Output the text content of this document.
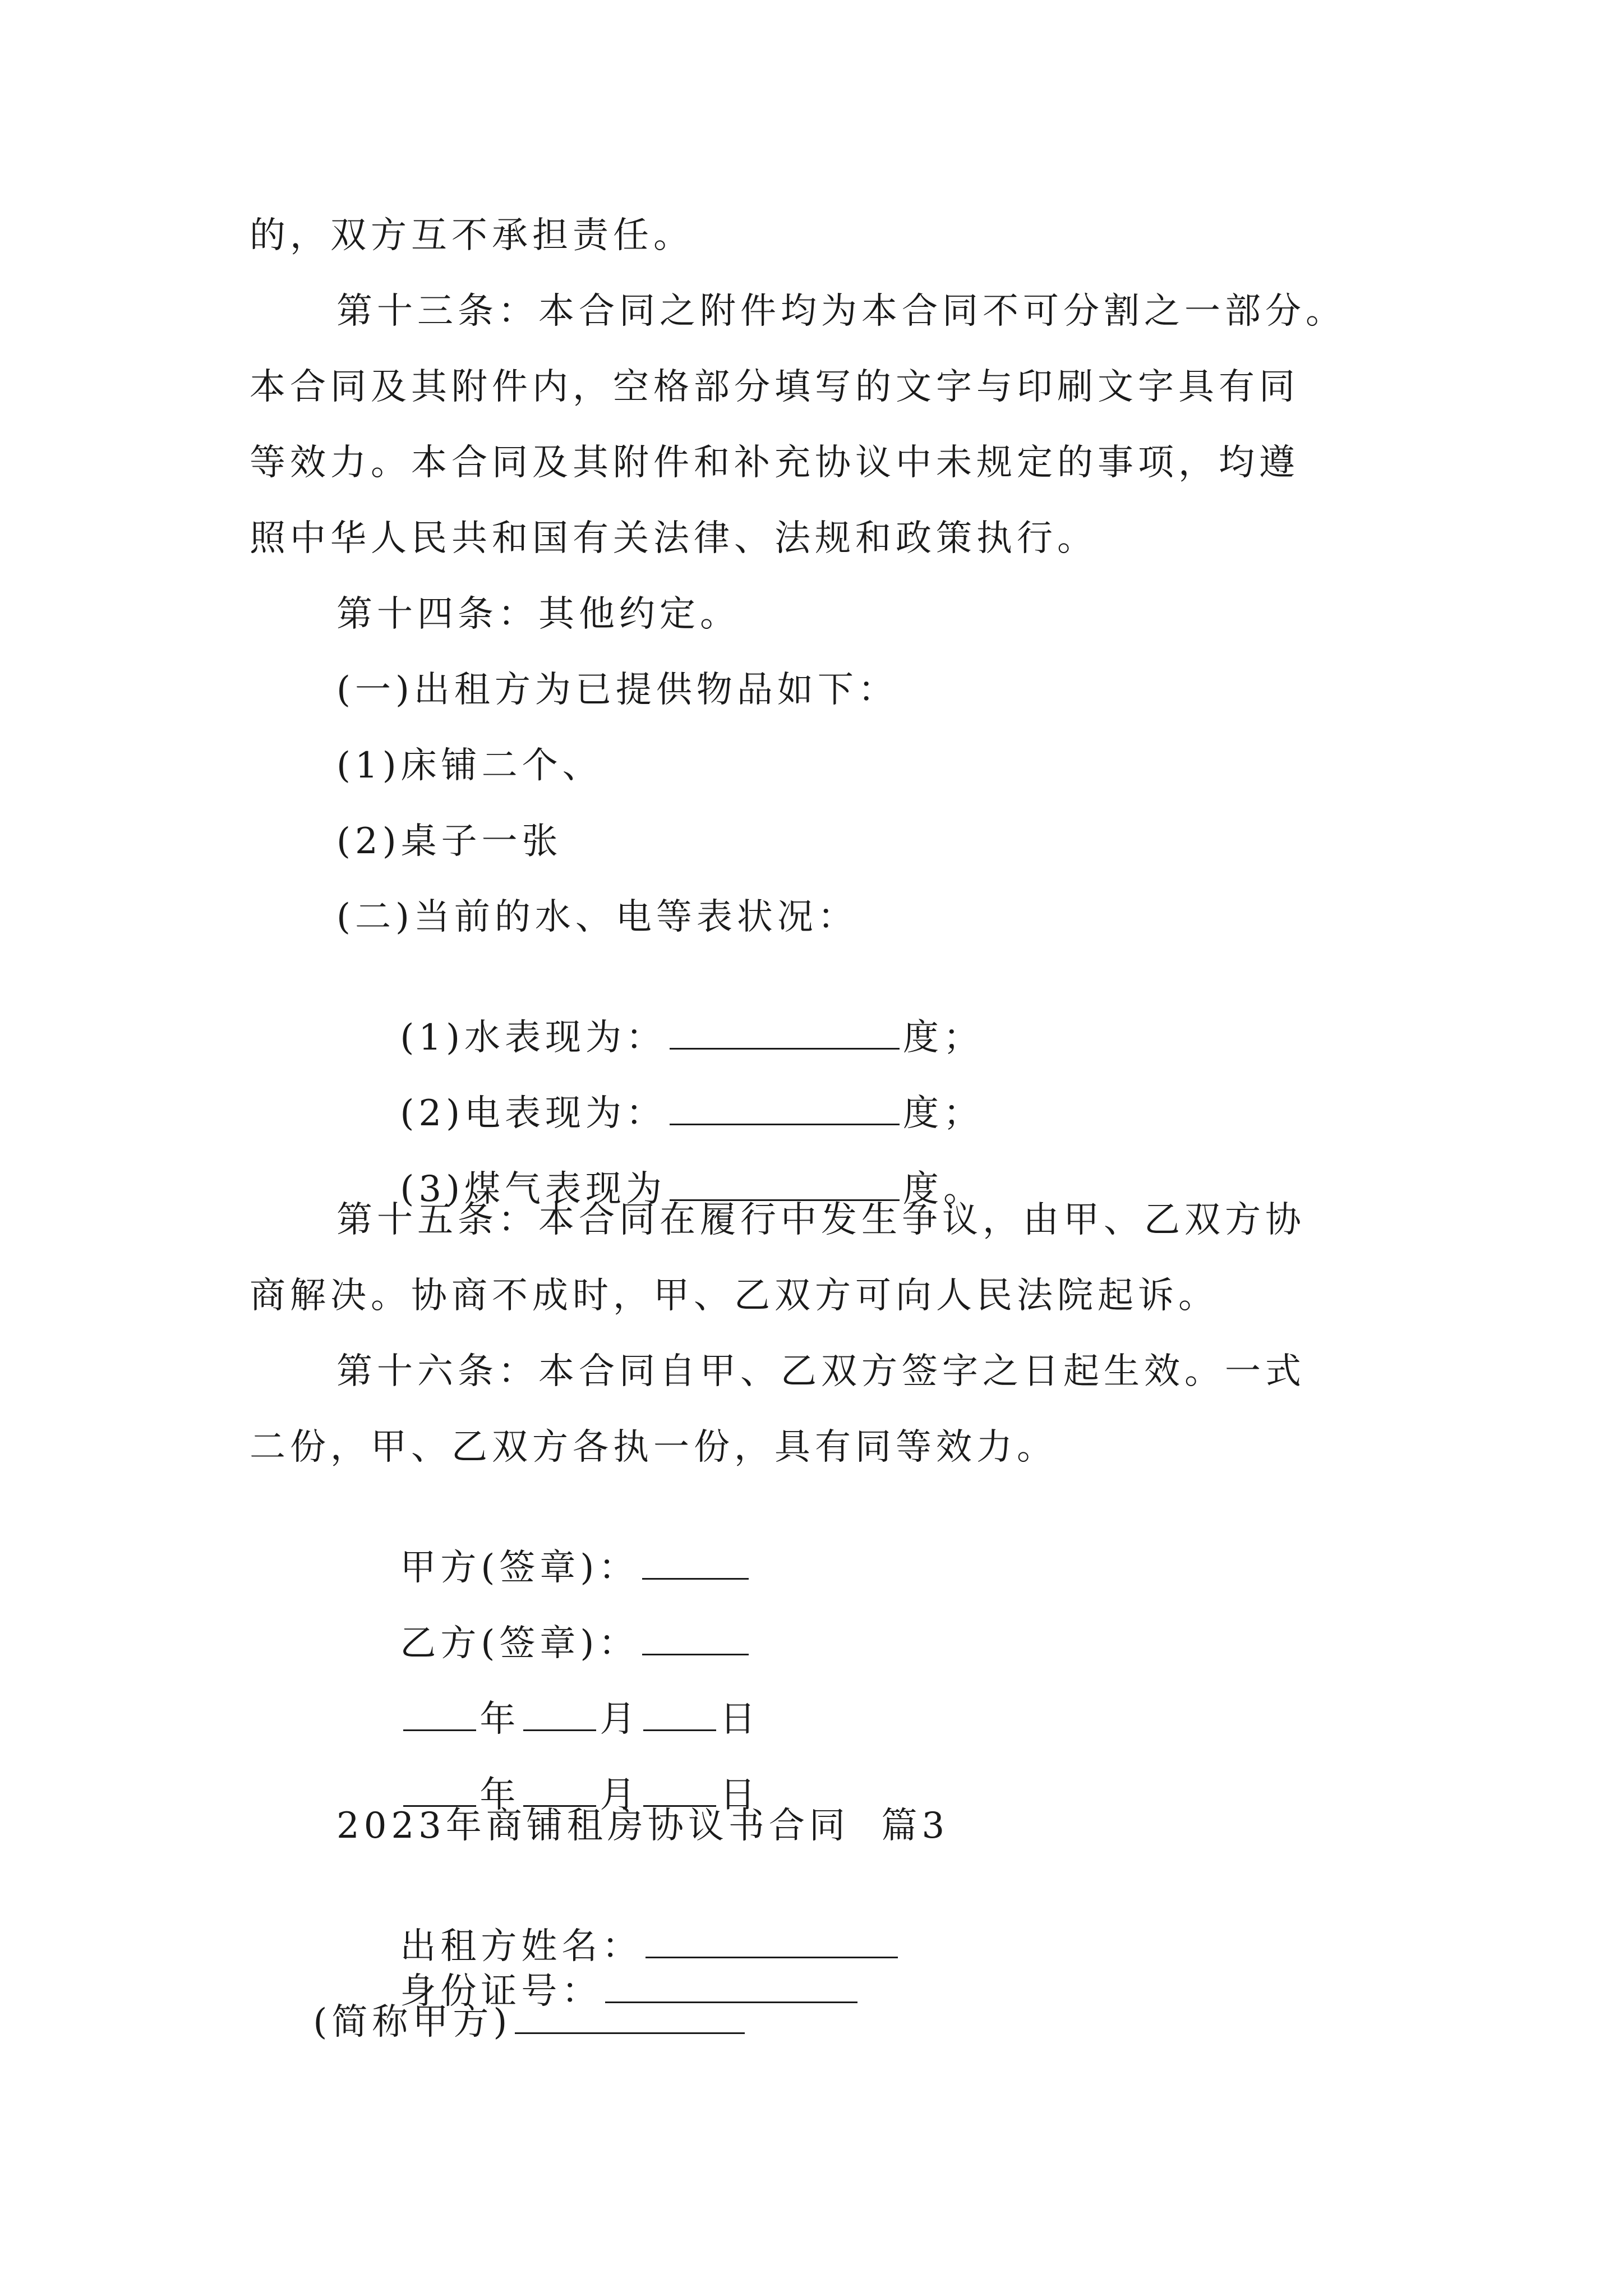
的，双方互不承担责任。
第十三条：本合同之附件均为本合同不可分割之一部分。
本合同及其附件内，空格部分填写的文字与印刷文字具有同
等效力。本合同及其附件和补充协议中未规定的事项，均遵
照中华人民共和国有关法律、法规和政策执行。
第十四条：其他约定。
(一)出租方为已提供物品如下：
(1)床铺二个、
(2)桌子一张
(二)当前的水、电等表状况：

(1)水表现为：	度；

(2)电表现为：	度；

(3)煤气表现为	度。

第十五条：本合同在履行中发生争议，由甲、乙双方协
商解决。协商不成时，甲、乙双方可向人民法院起诉。
第十六条：本合同自甲、乙双方签字之日起生效。一式
二份，甲、乙双方各执一份，具有同等效力。

甲方(签章)：

乙方(签章)：

年 月 日

年 月 日

2023年商铺租房协议书合同  篇3

出租方姓名：
身份证号：

(简称甲方)
